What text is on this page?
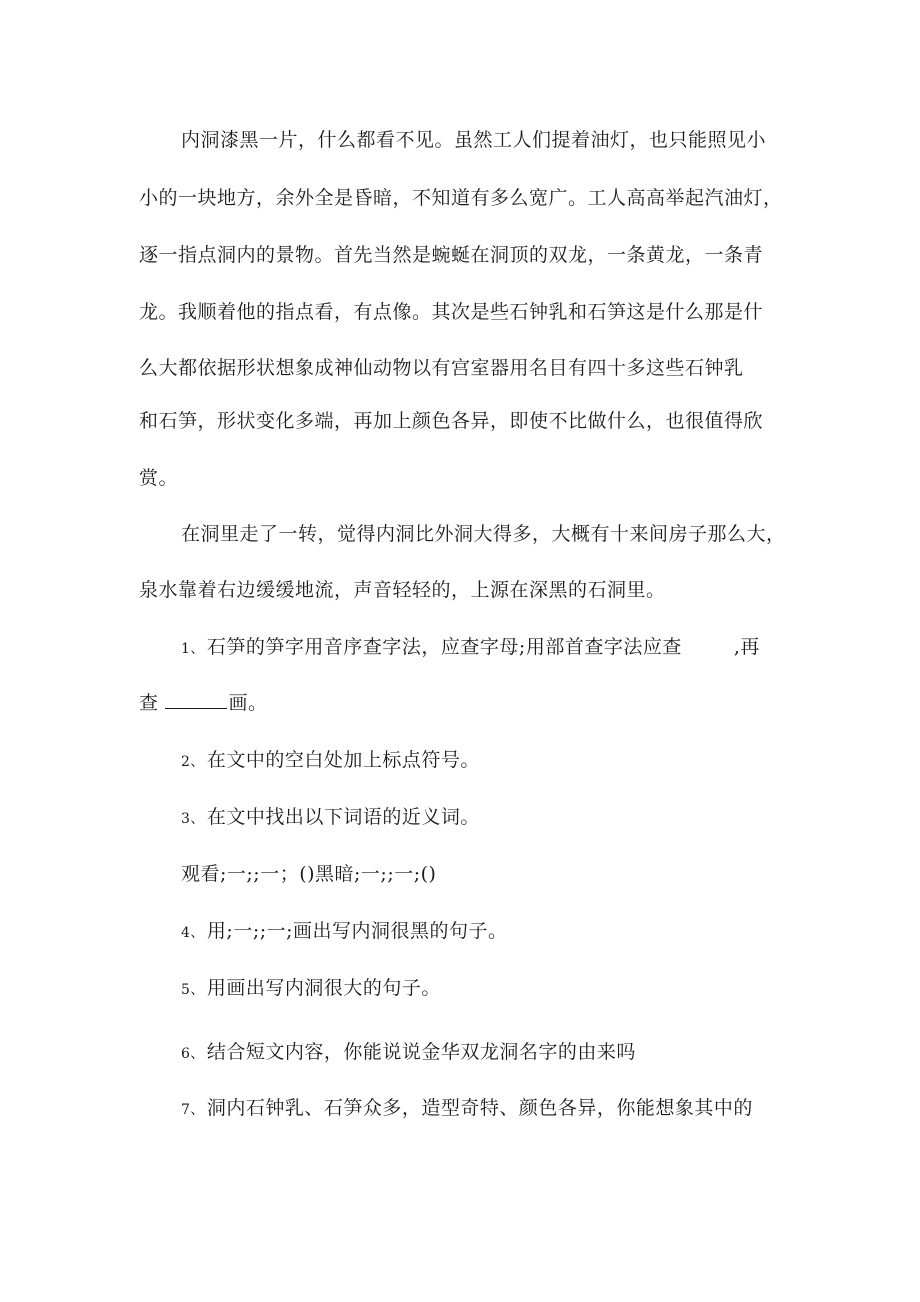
内洞漆黑一片，什么都看不见。虽然工人们提着油灯，也只能照见小
小的一块地方，余外全是昏暗，不知道有多么宽广。工人高高举起汽油灯，
逐一指点洞内的景物。首先当然是蜿蜒在洞顶的双龙，一条黄龙，一条青
龙。我顺着他的指点看，有点像。其次是些石钟乳和石笋这是什么那是什
么大都依据形状想象成神仙动物以有宫室器用名目有四十多这些石钟乳
和石笋，形状变化多端，再加上颜色各异，即使不比做什么，也很值得欣
赏。
在洞里走了一转，觉得内洞比外洞大得多，大概有十来间房子那么大，
泉水靠着右边缓缓地流，声音轻轻的，上源在深黑的石洞里。
1、 石笋的笋字用音序查字法，应查字母;用部首查字法应查	,再
查	画。
2、 在文中的空白处加上标点符号。
3、 在文中找出以下词语的近义词。
观看;一;;一；()黑暗;一;;一;()
4、 用;一;;一;画出写内洞很黑的句子。
5、 用画出写内洞很大的句子。
6、 结合短文内容，你能说说金华双龙洞名字的由来吗
7、 洞内石钟乳、石笋众多，造型奇特、颜色各异，你能想象其中的
